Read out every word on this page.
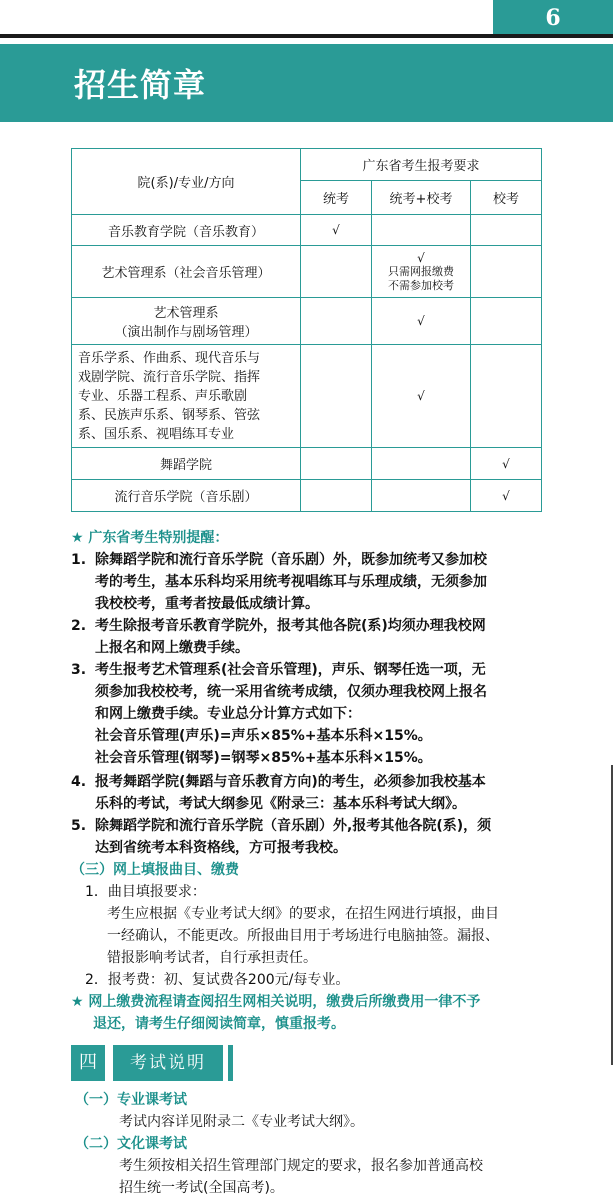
6
招生简章
院(系)/专业/方向	广东省考生报考要求		
	统考	统考+校考	校考
音乐教育学院（音乐教育）	√		
艺术管理系（社会音乐管理）		√
只需网报缴费
不需参加校考	

艺术管理系
（演出制作与剧场管理）		√	

音乐学系、作曲系、现代音乐与
戏剧学院、流行音乐学院、指挥
专业、乐器工程系、声乐歌剧
系、民族声乐系、钢琴系、管弦
系、国乐系、视唱练耳专业		√	
舞蹈学院			√
流行音乐学院（音乐剧）			√
★ 广东省考生特别提醒：
1. 除舞蹈学院和流行音乐学院（音乐剧）外，既参加统考又参加校
考的考生，基本乐科均采用统考视唱练耳与乐理成绩，无须参加
我校校考，重考者按最低成绩计算。
2. 考生除报考音乐教育学院外，报考其他各院(系)均须办理我校网
上报名和网上缴费手续。
3. 考生报考艺术管理系(社会音乐管理)，声乐、钢琴任选一项，无
须参加我校校考，统一采用省统考成绩，仅须办理我校网上报名
和网上缴费手续。专业总分计算方式如下：
社会音乐管理(声乐)=声乐×85%+基本乐科×15%。
社会音乐管理(钢琴)=钢琴×85%+基本乐科×15%。
4. 报考舞蹈学院(舞蹈与音乐教育方向)的考生，必须参加我校基本
乐科的考试，考试大纲参见《附录三：基本乐科考试大纲》。
5. 除舞蹈学院和流行音乐学院（音乐剧）外,报考其他各院(系)，须
达到省统考本科资格线，方可报考我校。
（三）网上填报曲目、缴费
1．曲目填报要求：
考生应根据《专业考试大纲》的要求，在招生网进行填报，曲目
一经确认，不能更改。所报曲目用于考场进行电脑抽签。漏报、
错报影响考试者，自行承担责任。
2．报考费：初、复试费各200元/每专业。
★ 网上缴费流程请查阅招生网相关说明，缴费后所缴费用一律不予
退还，请考生仔细阅读简章，慎重报考。
（一）专业课考试
考试内容详见附录二《专业考试大纲》。
（二）文化课考试
考生须按相关招生管理部门规定的要求，报名参加普通高校
招生统一考试(全国高考)。
四	考试说明
